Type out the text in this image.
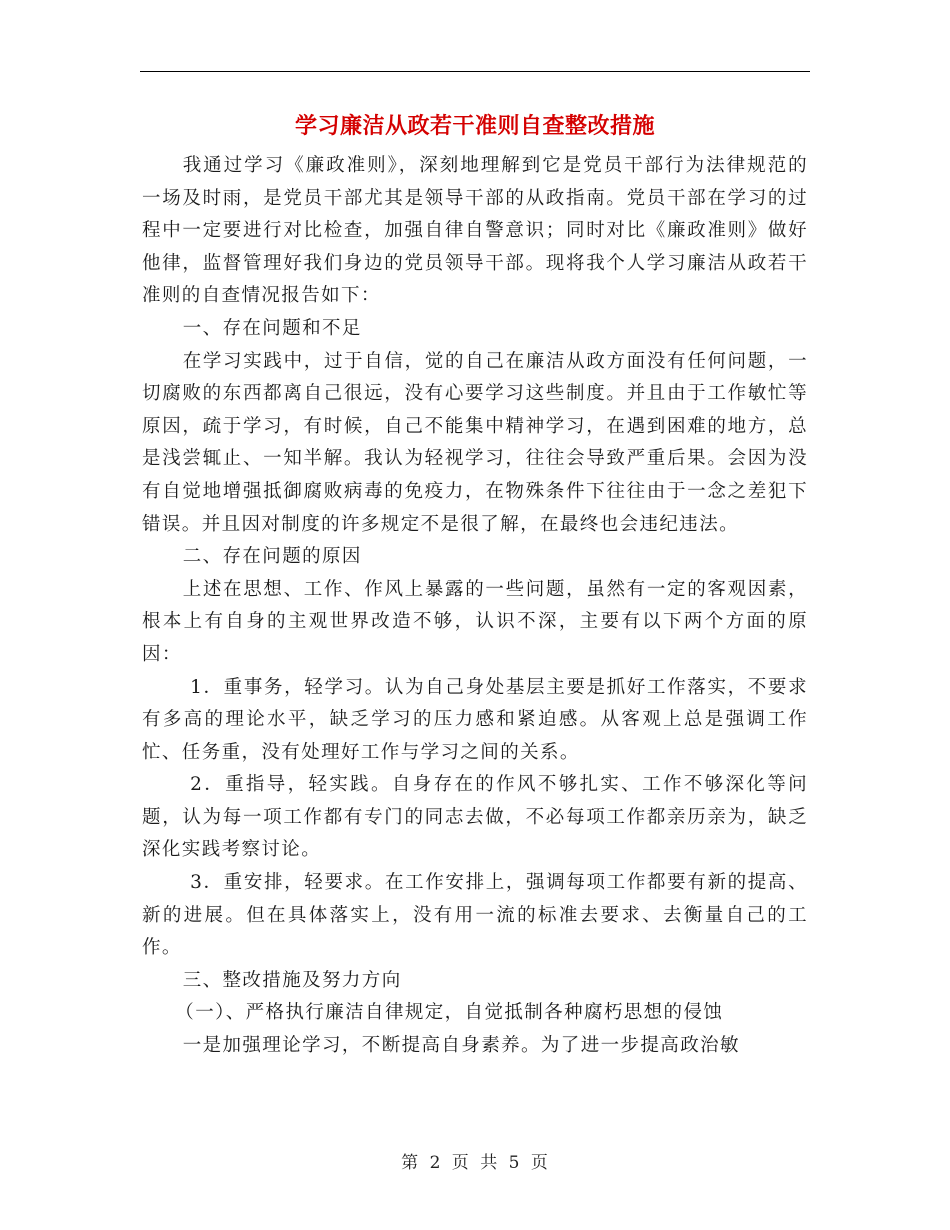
学习廉洁从政若干准则自查整改措施

我通过学习《廉政准则》，深刻地理解到它是党员干部行为法律规范的一场及时雨，是党员干部尤其是领导干部的从政指南。党员干部在学习的过程中一定要进行对比检查，加强自律自警意识；同时对比《廉政准则》做好他律，监督管理好我们身边的党员领导干部。现将我个人学习廉洁从政若干准则的自查情况报告如下：

一、存在问题和不足

在学习实践中，过于自信，觉的自己在廉洁从政方面没有任何问题，一切腐败的东西都离自己很远，没有心要学习这些制度。并且由于工作敏忙等原因，疏于学习，有时候，自己不能集中精神学习，在遇到困难的地方，总是浅尝辄止、一知半解。我认为轻视学习，往往会导致严重后果。会因为没有自觉地增强抵御腐败病毒的免疫力，在物殊条件下往往由于一念之差犯下错误。并且因对制度的许多规定不是很了解，在最终也会违纪违法。

二、存在问题的原因

上述在思想、工作、作风上暴露的一些问题，虽然有一定的客观因素，根本上有自身的主观世界改造不够，认识不深，主要有以下两个方面的原因：

1．重事务，轻学习。认为自己身处基层主要是抓好工作落实，不要求有多高的理论水平，缺乏学习的压力感和紧迫感。从客观上总是强调工作忙、任务重，没有处理好工作与学习之间的关系。

2．重指导，轻实践。自身存在的作风不够扎实、工作不够深化等问题，认为每一项工作都有专门的同志去做，不必每项工作都亲历亲为，缺乏深化实践考察讨论。

3．重安排，轻要求。在工作安排上，强调每项工作都要有新的提高、新的进展。但在具体落实上，没有用一流的标准去要求、去衡量自己的工作。

三、整改措施及努力方向

（一）、严格执行廉洁自律规定，自觉抵制各种腐朽思想的侵蚀

一是加强理论学习，不断提高自身素养。为了进一步提高政治敏

第 2 页 共 5 页
